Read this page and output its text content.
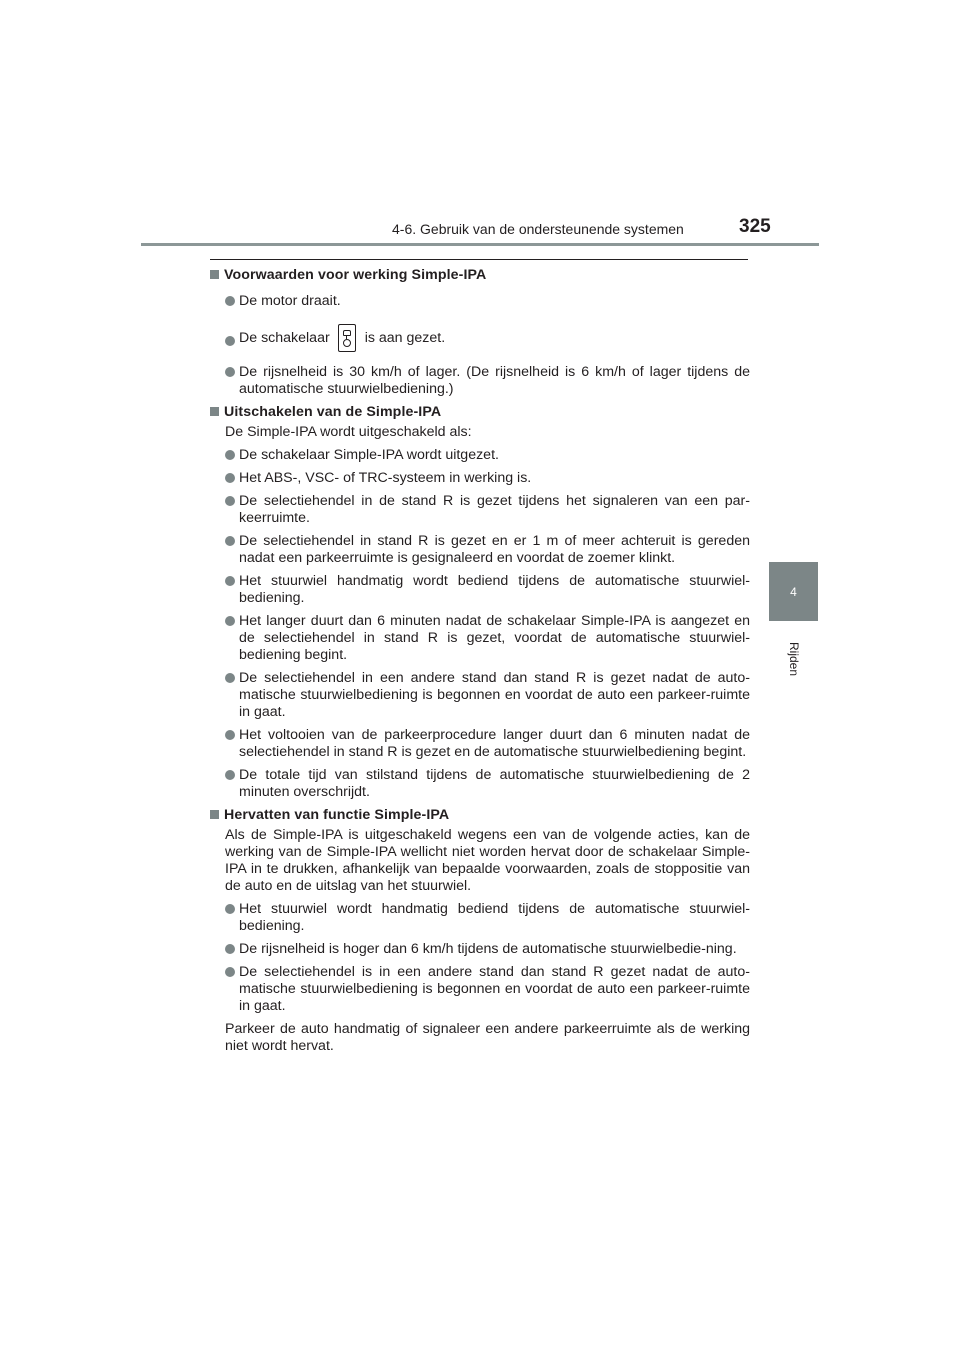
4-6. Gebruik van de ondersteunende systemen	325
4
Rijden
Voorwaarden voor werking Simple-IPA
De motor draait.
De schakelaar is aan gezet.
De rijsnelheid is 30 km/h of lager. (De rijsnelheid is 6 km/h of lager tijdens de automatische stuurwielbediening.)
Uitschakelen van de Simple-IPA
De Simple-IPA wordt uitgeschakeld als:
De schakelaar Simple-IPA wordt uitgezet.
Het ABS-, VSC- of TRC-systeem in werking is.
De selectiehendel in de stand R is gezet tijdens het signaleren van een par-keerruimte.
De selectiehendel in stand R is gezet en er 1 m of meer achteruit is gereden nadat een parkeerruimte is gesignaleerd en voordat de zoemer klinkt.
Het stuurwiel handmatig wordt bediend tijdens de automatische stuurwiel-bediening.
Het langer duurt dan 6 minuten nadat de schakelaar Simple-IPA is aangezet en de selectiehendel in stand R is gezet, voordat de automatische stuurwiel-bediening begint.
De selectiehendel in een andere stand dan stand R is gezet nadat de auto-matische stuurwielbediening is begonnen en voordat de auto een parkeer-ruimte in gaat.
Het voltooien van de parkeerprocedure langer duurt dan 6 minuten nadat de selectiehendel in stand R is gezet en de automatische stuurwielbediening begint.
De totale tijd van stilstand tijdens de automatische stuurwielbediening de 2 minuten overschrijdt.
Hervatten van functie Simple-IPA
Als de Simple-IPA is uitgeschakeld wegens een van de volgende acties, kan de werking van de Simple-IPA wellicht niet worden hervat door de schakelaar Simple-IPA in te drukken, afhankelijk van bepaalde voorwaarden, zoals de stoppositie van de auto en de uitslag van het stuurwiel.
Het stuurwiel wordt handmatig bediend tijdens de automatische stuurwiel-bediening.
De rijsnelheid is hoger dan 6 km/h tijdens de automatische stuurwielbedie-ning.
De selectiehendel is in een andere stand dan stand R gezet nadat de auto-matische stuurwielbediening is begonnen en voordat de auto een parkeer-ruimte in gaat.
Parkeer de auto handmatig of signaleer een andere parkeerruimte als de werking niet wordt hervat.
